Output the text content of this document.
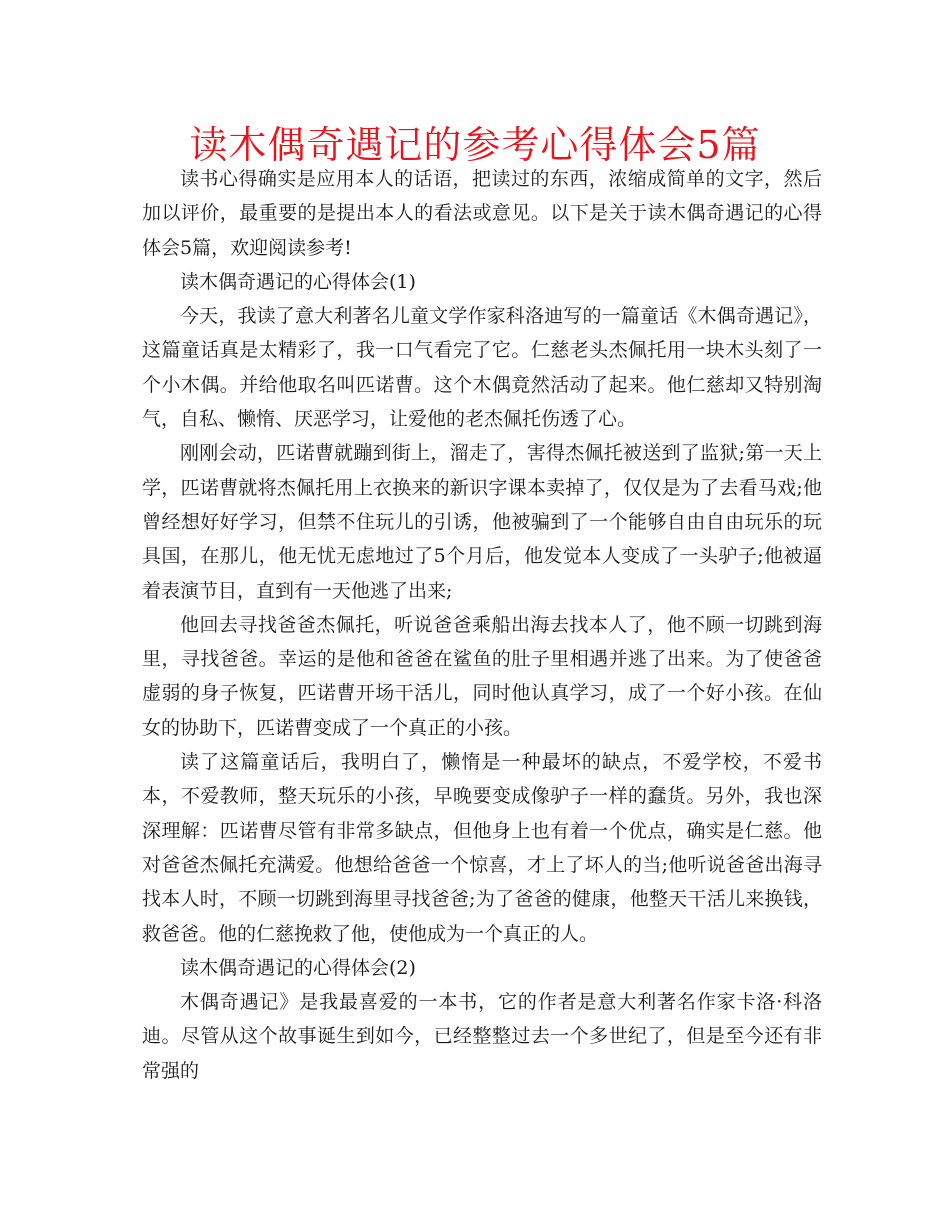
读木偶奇遇记的参考心得体会5篇

读书心得确实是应用本人的话语，把读过的东西，浓缩成简单的文字，然后加以评价，最重要的是提出本人的看法或意见。以下是关于读木偶奇遇记的心得体会5篇，欢迎阅读参考!

读木偶奇遇记的心得体会(1)

今天，我读了意大利著名儿童文学作家科洛迪写的一篇童话《木偶奇遇记》，这篇童话真是太精彩了，我一口气看完了它。仁慈老头杰佩托用一块木头刻了一个小木偶。并给他取名叫匹诺曹。这个木偶竟然活动了起来。他仁慈却又特别淘气，自私、懒惰、厌恶学习，让爱他的老杰佩托伤透了心。

刚刚会动，匹诺曹就蹦到街上，溜走了，害得杰佩托被送到了监狱;第一天上学，匹诺曹就将杰佩托用上衣换来的新识字课本卖掉了，仅仅是为了去看马戏;他曾经想好好学习，但禁不住玩儿的引诱，他被骗到了一个能够自由自由玩乐的玩具国，在那儿，他无忧无虑地过了5个月后，他发觉本人变成了一头驴子;他被逼着表演节目，直到有一天他逃了出来;

他回去寻找爸爸杰佩托，听说爸爸乘船出海去找本人了，他不顾一切跳到海里，寻找爸爸。幸运的是他和爸爸在鲨鱼的肚子里相遇并逃了出来。为了使爸爸虚弱的身子恢复，匹诺曹开场干活儿，同时他认真学习，成了一个好小孩。在仙女的协助下，匹诺曹变成了一个真正的小孩。

读了这篇童话后，我明白了，懒惰是一种最坏的缺点，不爱学校，不爱书本，不爱教师，整天玩乐的小孩，早晚要变成像驴子一样的蠢货。另外，我也深深理解：匹诺曹尽管有非常多缺点，但他身上也有着一个优点，确实是仁慈。他对爸爸杰佩托充满爱。他想给爸爸一个惊喜，才上了坏人的当;他听说爸爸出海寻找本人时，不顾一切跳到海里寻找爸爸;为了爸爸的健康，他整天干活儿来换钱，救爸爸。他的仁慈挽救了他，使他成为一个真正的人。

读木偶奇遇记的心得体会(2)

木偶奇遇记》是我最喜爱的一本书，它的作者是意大利著名作家卡洛·科洛迪。尽管从这个故事诞生到如今，已经整整过去一个多世纪了，但是至今还有非常强的
